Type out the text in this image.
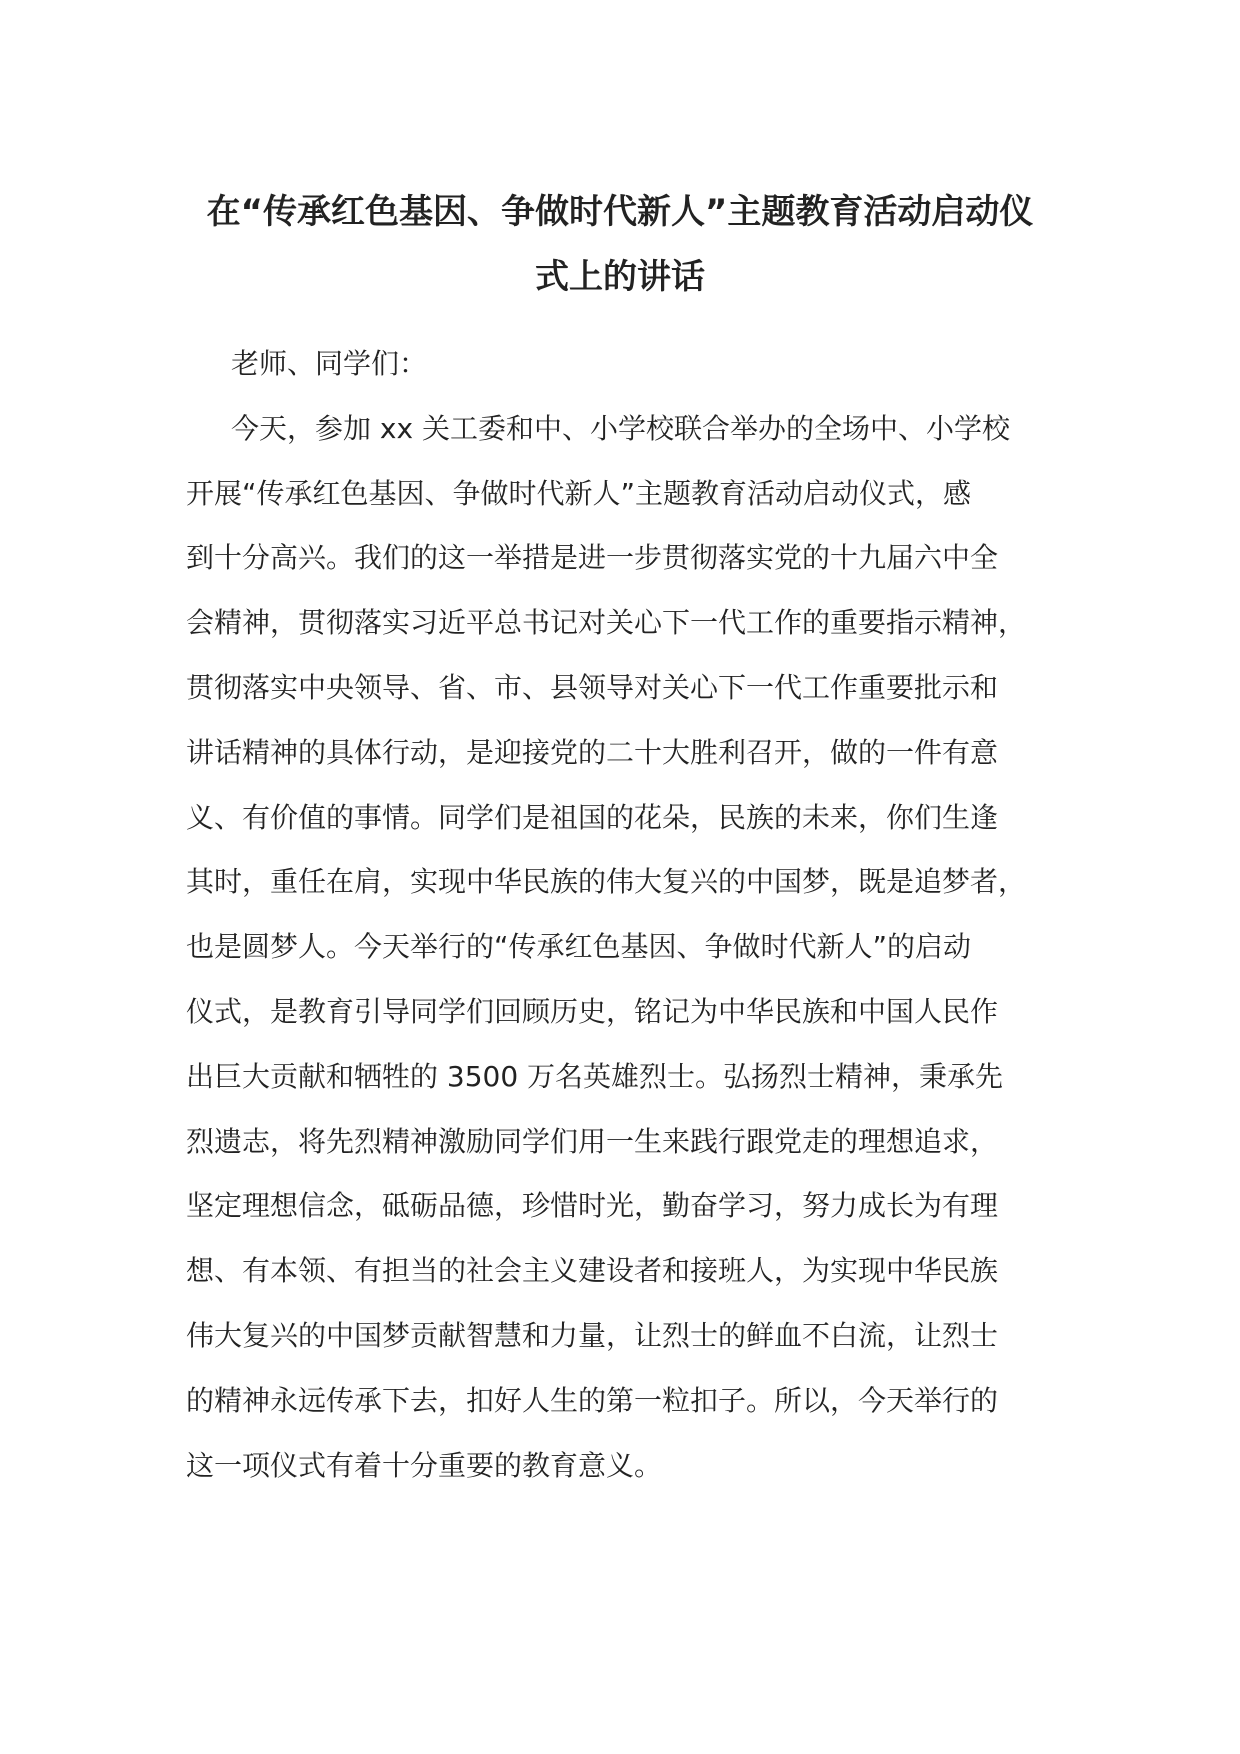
在“传承红色基因、争做时代新人”主题教育活动启动仪
式上的讲话
老师、同学们：
今天，参加 xx 关工委和中、小学校联合举办的全场中、小学校
开展“传承红色基因、争做时代新人”主题教育活动启动仪式，感
到十分高兴。我们的这一举措是进一步贯彻落实党的十九届六中全
会精神，贯彻落实习近平总书记对关心下一代工作的重要指示精神，
贯彻落实中央领导、省、市、县领导对关心下一代工作重要批示和
讲话精神的具体行动，是迎接党的二十大胜利召开，做的一件有意
义、有价值的事情。同学们是祖国的花朵，民族的未来，你们生逢
其时，重任在肩，实现中华民族的伟大复兴的中国梦，既是追梦者，
也是圆梦人。今天举行的“传承红色基因、争做时代新人”的启动
仪式，是教育引导同学们回顾历史，铭记为中华民族和中国人民作
出巨大贡献和牺牲的 3500 万名英雄烈士。弘扬烈士精神，秉承先
烈遗志，将先烈精神激励同学们用一生来践行跟党走的理想追求，
坚定理想信念，砥砺品德，珍惜时光，勤奋学习，努力成长为有理
想、有本领、有担当的社会主义建设者和接班人，为实现中华民族
伟大复兴的中国梦贡献智慧和力量，让烈士的鲜血不白流，让烈士
的精神永远传承下去，扣好人生的第一粒扣子。所以，今天举行的
这一项仪式有着十分重要的教育意义。
